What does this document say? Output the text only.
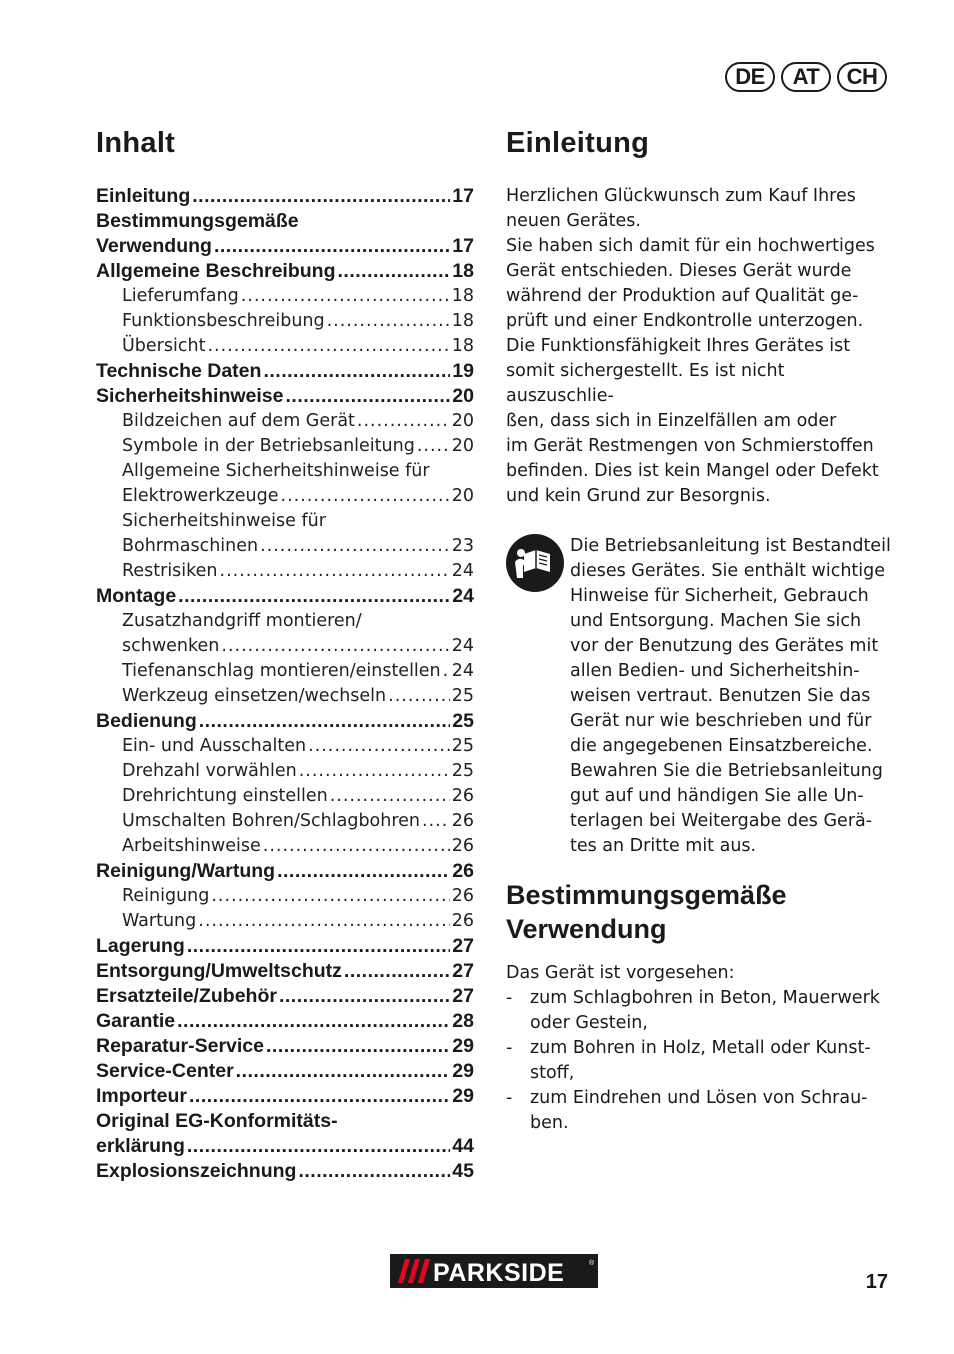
DE	AT	CH
Inhalt
Einleitung .....	17
Bestimmungsgemäße
Verwendung .....	17
Allgemeine Beschreibung .....	18
Lieferumfang .....	18
Funktionsbeschreibung .....	18
Übersicht .....	18
Technische Daten .....	19
Sicherheitshinweise .....	20
Bildzeichen auf dem Gerät .....	20
Symbole in der Betriebsanleitung ..... 20
Allgemeine Sicherheitshinweise für
Elektrowerkzeuge .....	20
Sicherheitshinweise für
Bohrmaschinen .....	23
Restrisiken .....	24
Montage .....	24
Zusatzhandgriff montieren/
schwenken .....	24
Tiefenanschlag montieren/einstellen ..... 24
Werkzeug einsetzen/wechseln .....	25
Bedienung .....	25
Ein- und Ausschalten .....	25
Drehzahl vorwählen .....	25
Drehrichtung einstellen .....	26
Umschalten Bohren/Schlagbohren ..... 26
Arbeitshinweise .....	26
Reinigung/Wartung .....	26
Reinigung .....	26
Wartung .....	26
Lagerung .....	27
Entsorgung/Umweltschutz .....	27
Ersatzteile/Zubehör .....	27
Garantie .....	28
Reparatur-Service .....	29
Service-Center .....	29
Importeur .....	29
Original EG-Konformitäts-
erklärung .....	44
Explosionszeichnung .....	45
Einleitung

Herzlichen Glückwunsch zum Kauf Ihres

neuen Gerätes.

Sie haben sich damit für ein hochwertiges

Gerät entschieden. Dieses Gerät wurde

während der Produktion auf Qualität ge-

prüft und einer Endkontrolle unterzogen.

Die Funktionsfähigkeit Ihres Gerätes ist

somit sichergestellt. Es ist nicht auszuschlie-

ßen, dass sich in Einzelfällen am oder

im Gerät Restmengen von Schmierstoffen

befinden. Dies ist kein Mangel oder Defekt

und kein Grund zur Besorgnis.

Die Betriebsanleitung ist Bestandteil

dieses Gerätes. Sie enthält wichtige

Hinweise für Sicherheit, Gebrauch

und Entsorgung. Machen Sie sich

vor der Benutzung des Gerätes mit

allen Bedien- und Sicherheitshin-

weisen vertraut. Benutzen Sie das

Gerät nur wie beschrieben und für

die angegebenen Einsatzbereiche.

Bewahren Sie die Betriebsanleitung

gut auf und händigen Sie alle Un-

terlagen bei Weitergabe des Gerä-

tes an Dritte mit aus.

Bestimmungsgemäße
Verwendung

Das Gerät ist vorgesehen:

-	zum Schlagbohren in Beton, Mauerwerk
oder Gestein,
-	zum Bohren in Holz, Metall oder Kunst-
stoff,
-	zum Eindrehen und Lösen von Schrau-
ben.
PARKSIDE	®
17
